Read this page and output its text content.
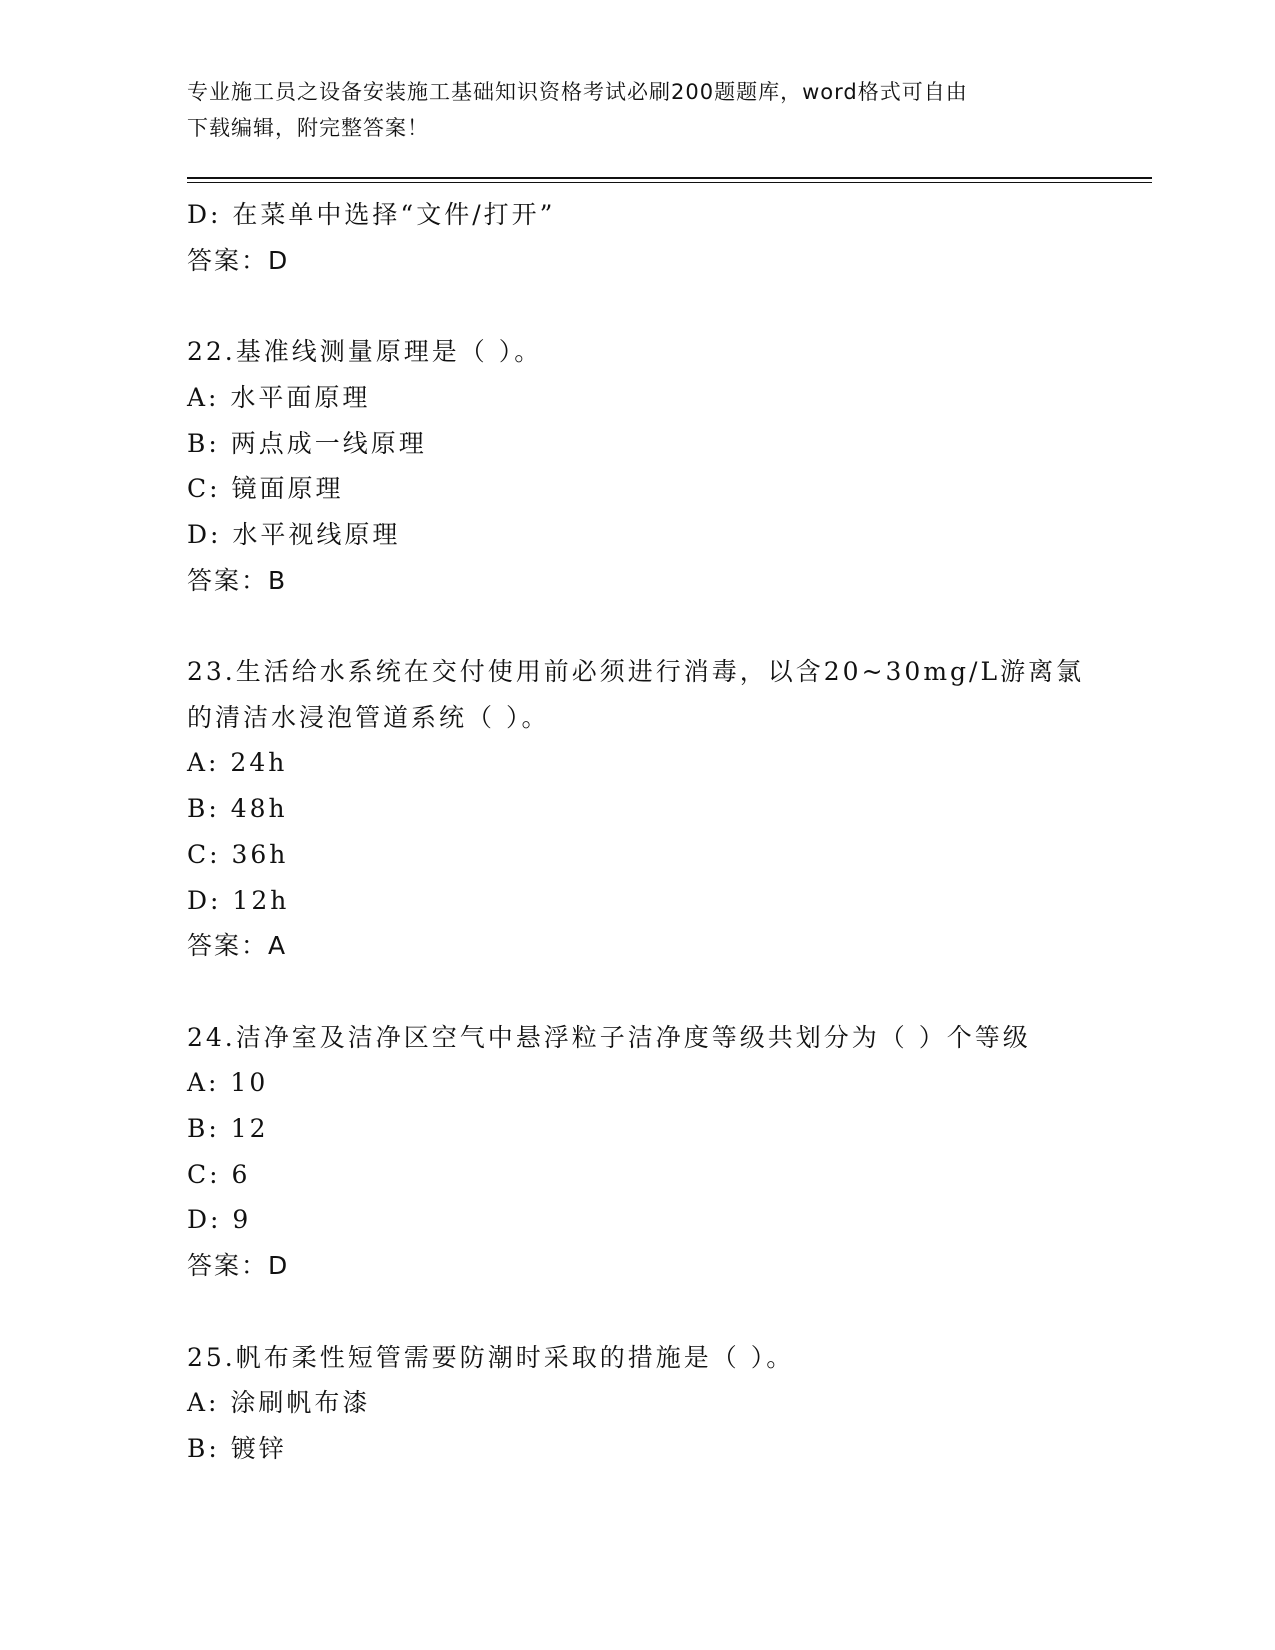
专业施工员之设备安装施工基础知识资格考试必刷200题题库，word格式可自由
下载编辑，附完整答案！
D: 在菜单中选择“文件/打开”
答案：D
22.基准线测量原理是（ ）。
A: 水平面原理
B: 两点成一线原理
C: 镜面原理
D: 水平视线原理
答案：B
23.生活给水系统在交付使用前必须进行消毒，以含20~30mg/L游离氯
的清洁水浸泡管道系统（ ）。
A: 24h
B: 48h
C: 36h
D: 12h
答案：A
24.洁净室及洁净区空气中悬浮粒子洁净度等级共划分为（ ）个等级
A: 10
B: 12
C: 6
D: 9
答案：D
25.帆布柔性短管需要防潮时采取的措施是（ ）。
A: 涂刷帆布漆
B: 镀锌
